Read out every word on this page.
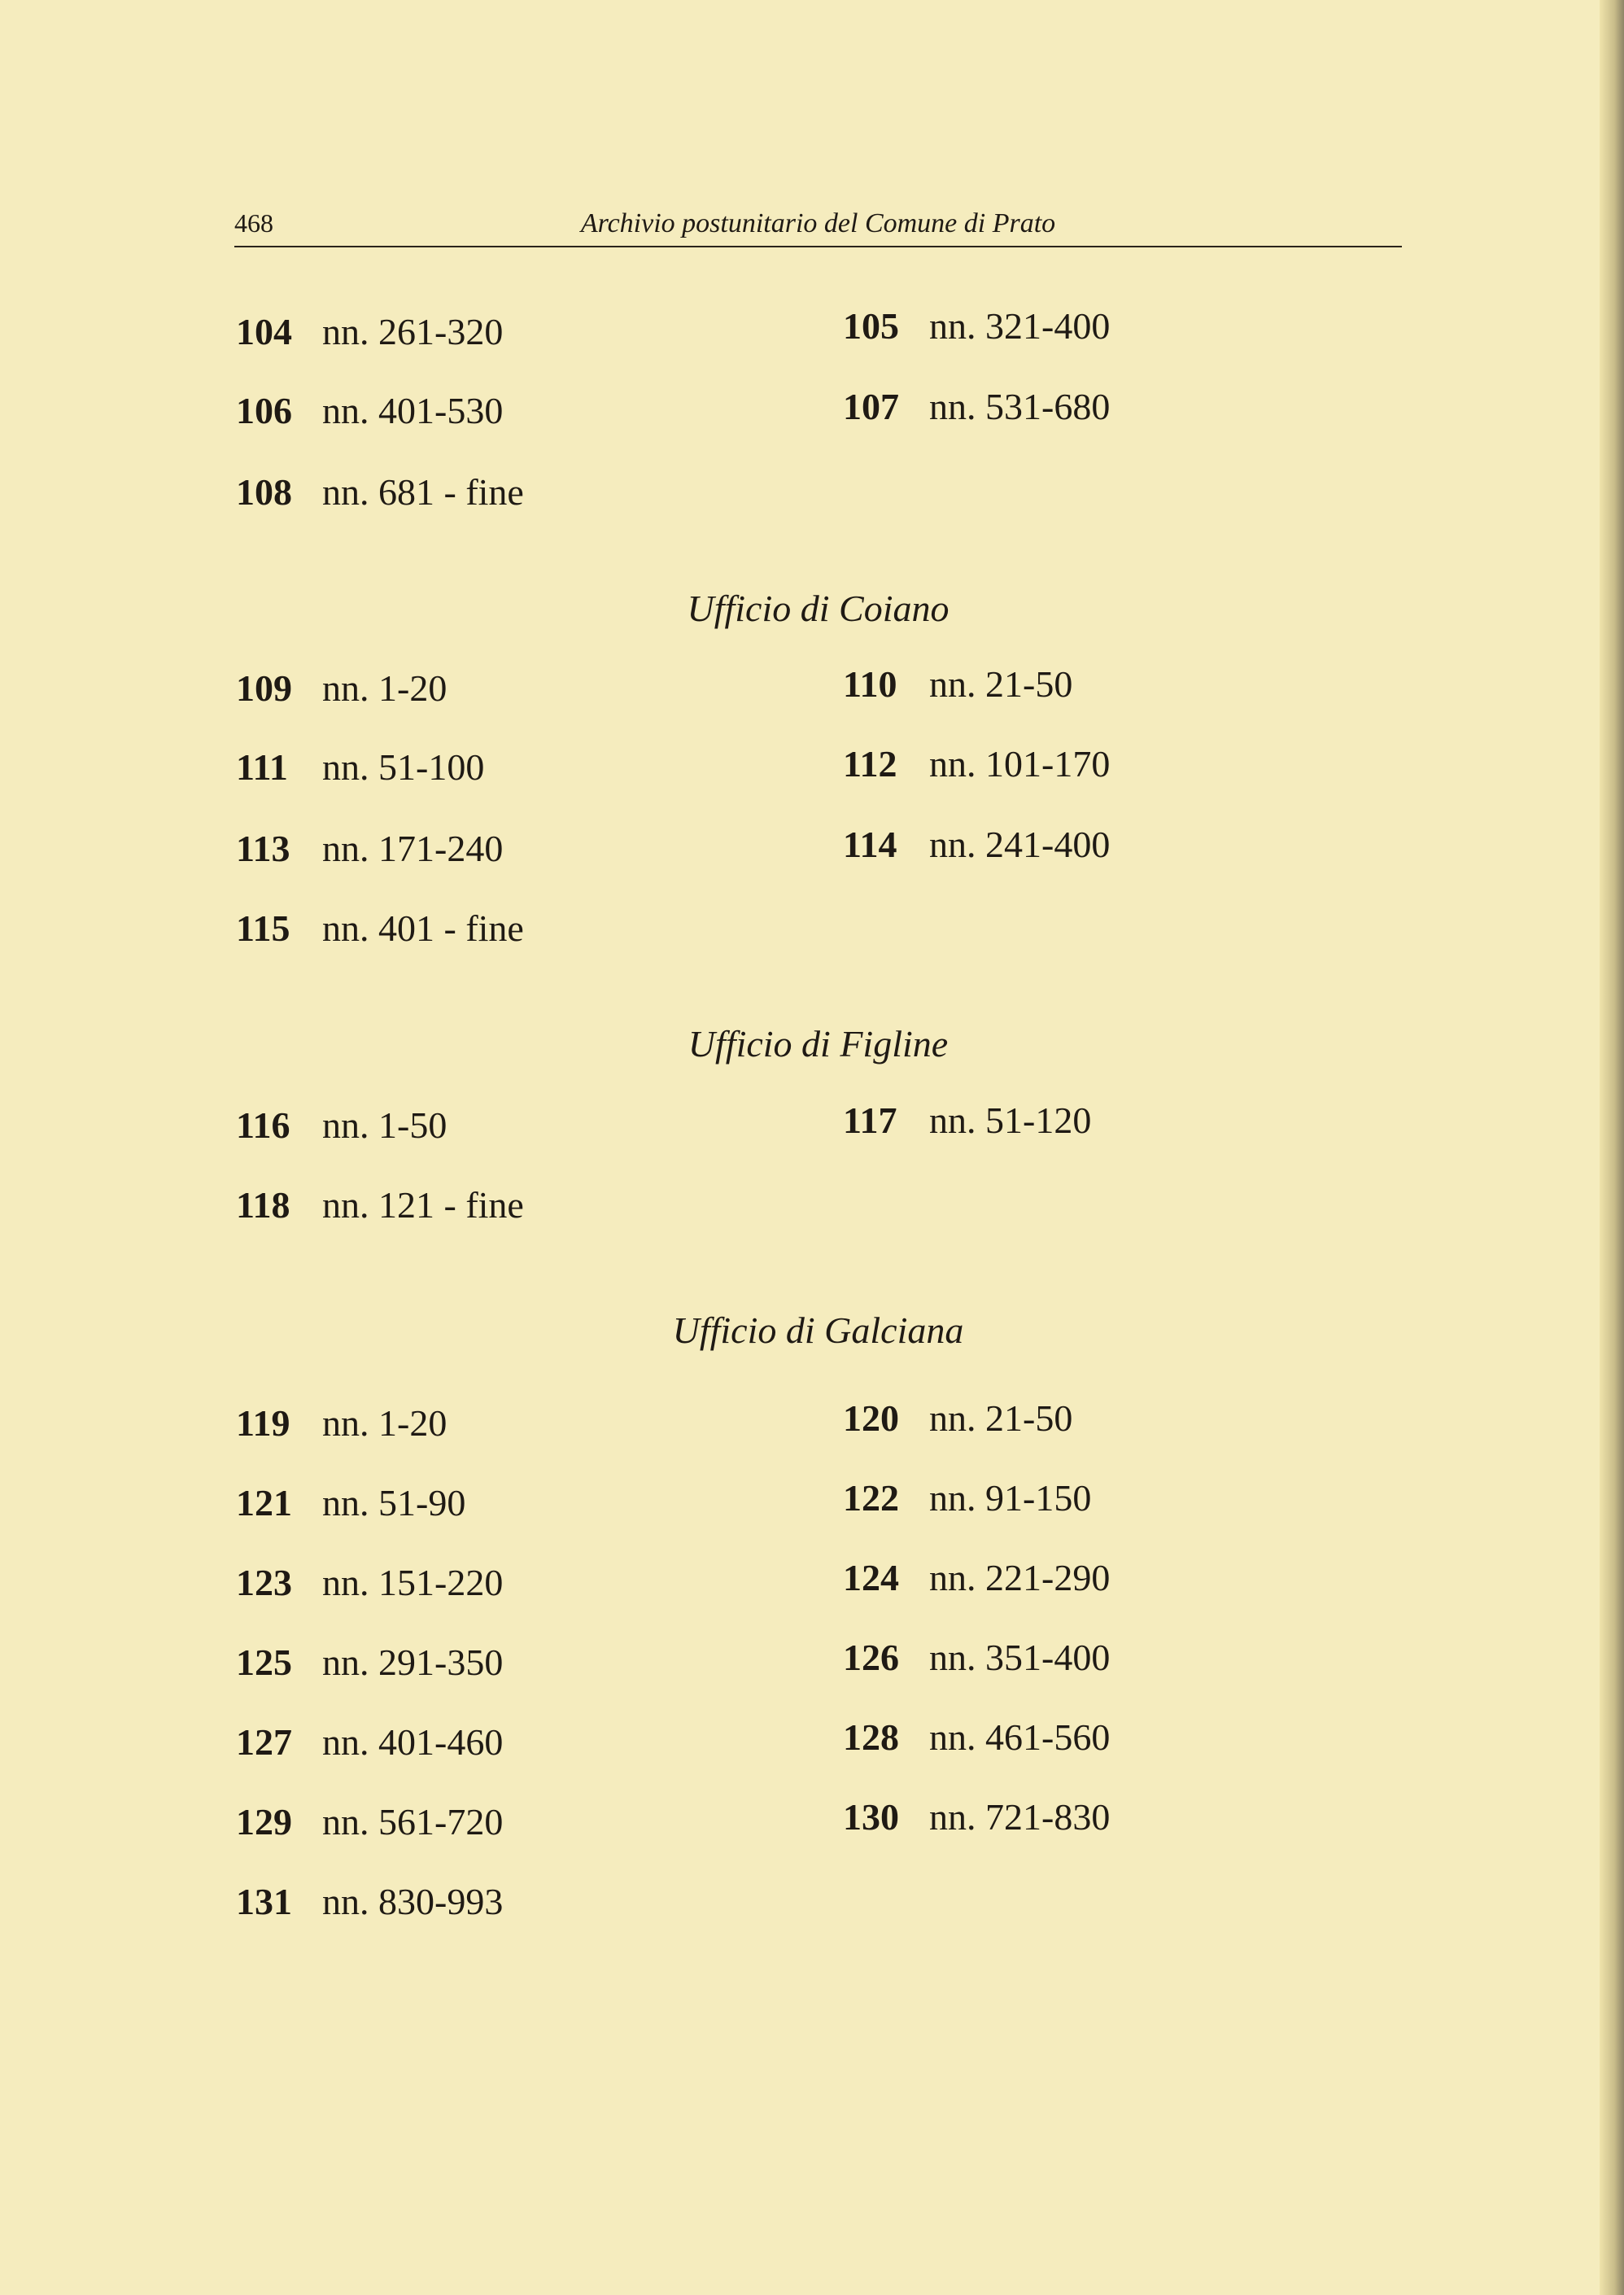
468	Archivio postunitario del Comune di Prato
104 nn. 261-320	105 nn. 321-400
106 nn. 401-530	107 nn. 531-680
108 nn. 681 - fine
Ufficio di Coiano
109 nn. 1-20	110 nn. 21-50
111 nn. 51-100	112 nn. 101-170
113 nn. 171-240	114 nn. 241-400
115 nn. 401 - fine
Ufficio di Figline
116 nn. 1-50	117 nn. 51-120
118 nn. 121 - fine
Ufficio di Galciana
119 nn. 1-20	120 nn. 21-50
121 nn. 51-90	122 nn. 91-150
123 nn. 151-220	124 nn. 221-290
125 nn. 291-350	126 nn. 351-400
127 nn. 401-460	128 nn. 461-560
129 nn. 561-720	130 nn. 721-830
131 nn. 830-993
